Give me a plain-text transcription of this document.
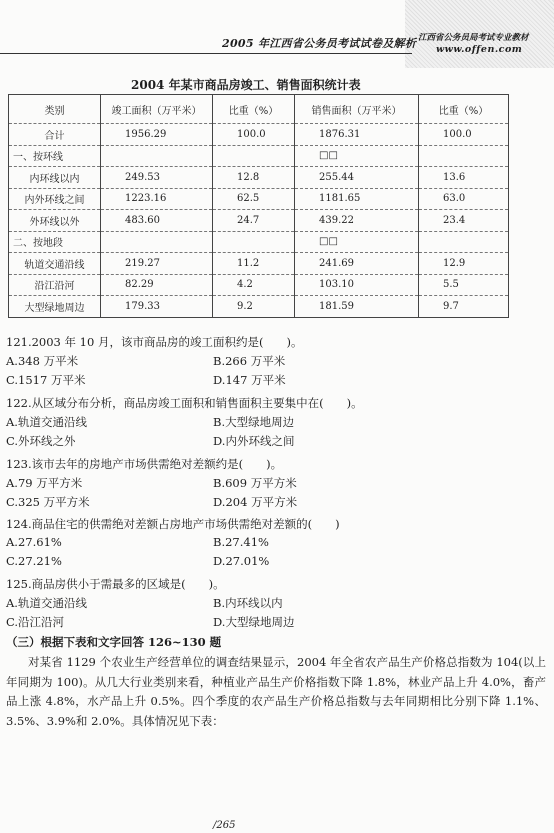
2005 年江西省公务员考试试卷及解析 江西省公务员局考试专业教材
www.offen.com
2004 年某市商品房竣工、销售面积统计表
类别	竣工面积（万平米）	比重（%）	销售面积（万平米）	比重（%）
合计	1956.29	100.0	1876.31	100.0
一、按环线			□□	
内环线以内	249.53	12.8	255.44	13.6
内外环线之间	1223.16	62.5	1181.65	63.0
外环线以外	483.60	24.7	439.22	23.4
二、按地段			□□	
轨道交通沿线	219.27	11.2	241.69	12.9
沿江沿河	82.29	4.2	103.10	5.5
大型绿地周边	179.33	9.2	181.59	9.7
121.2003 年 10 月，该市商品房的竣工面积约是(　　)。
A.348 万平米	B.266 万平米
C.1517 万平米	D.147 万平米
122.从区域分布分析，商品房竣工面积和销售面积主要集中在(　　)。
A.轨道交通沿线	B.大型绿地周边
C.外环线之外	D.内外环线之间
123.该市去年的房地产市场供需绝对差额约是(　　)。
A.79 万平方米	B.609 万平方米
C.325 万平方米	D.204 万平方米
124.商品住宅的供需绝对差额占房地产市场供需绝对差额的(　　)
A.27.61%	B.27.41%
C.27.21%	D.27.01%
125.商品房供小于需最多的区域是(　　)。
A.轨道交通沿线	B.内环线以内
C.沿江沿河	D.大型绿地周边
（三）根据下表和文字回答 126~130 题

对某省 1129 个农业生产经营单位的调查结果显示，2004 年全省农产品生产价格总指数为 104(以上年同期为 100)。从几大行业类别来看，种植业产品生产价格指数下降 1.8%，林业产品上升 4.0%，畜产品上涨 4.8%，水产品上升 0.5%。四个季度的农产品生产价格总指数与去年同期相比分别下降 1.1%、3.5%、3.9%和 2.0%。具体情况见下表：

/265
